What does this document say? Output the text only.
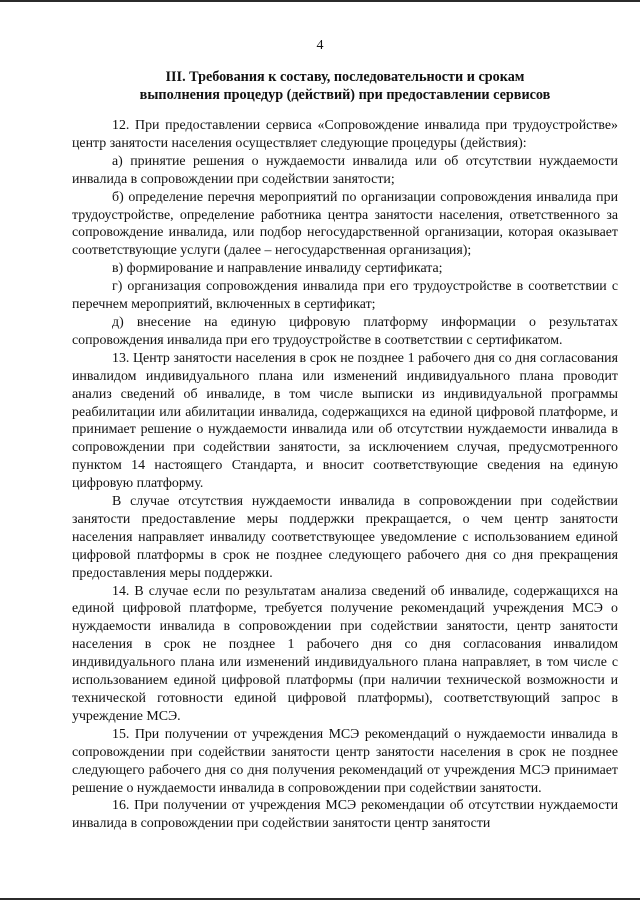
4
III. Требования к составу, последовательности и срокам
выполнения процедур (действий) при предоставлении сервисов

12. При предоставлении сервиса «Сопровождение инвалида при трудоустройстве» центр занятости населения осуществляет следующие процедуры (действия):

а) принятие решения о нуждаемости инвалида или об отсутствии нуждаемости инвалида в сопровождении при содействии занятости;

б) определение перечня мероприятий по организации сопровождения инвалида при трудоустройстве, определение работника центра занятости населения, ответственного за сопровождение инвалида, или подбор негосударственной организации, которая оказывает соответствующие услуги (далее – негосударственная организация);

в) формирование и направление инвалиду сертификата;

г) организация сопровождения инвалида при его трудоустройстве в соответствии с перечнем мероприятий, включенных в сертификат;

д) внесение на единую цифровую платформу информации о результатах сопровождения инвалида при его трудоустройстве в соответствии с сертификатом.

13. Центр занятости населения в срок не позднее 1 рабочего дня со дня согласования инвалидом индивидуального плана или изменений индивидуального плана проводит анализ сведений об инвалиде, в том числе выписки из индивидуальной программы реабилитации или абилитации инвалида, содержащихся на единой цифровой платформе, и принимает решение о нуждаемости инвалида или об отсутствии нуждаемости инвалида в сопровождении при содействии занятости, за исключением случая, предусмотренного пунктом 14 настоящего Стандарта, и вносит соответствующие сведения на единую цифровую платформу.

В случае отсутствия нуждаемости инвалида в сопровождении при содействии занятости предоставление меры поддержки прекращается, о чем центр занятости населения направляет инвалиду соответствующее уведомление с использованием единой цифровой платформы в срок не позднее следующего рабочего дня со дня прекращения предоставления меры поддержки.

14. В случае если по результатам анализа сведений об инвалиде, содержащихся на единой цифровой платформе, требуется получение рекомендаций учреждения МСЭ о нуждаемости инвалида в сопровождении при содействии занятости, центр занятости населения в срок не позднее 1 рабочего дня со дня согласования инвалидом индивидуального плана или изменений индивидуального плана направляет, в том числе с использованием единой цифровой платформы (при наличии технической возможности и технической готовности единой цифровой платформы), соответствующий запрос в учреждение МСЭ.

15. При получении от учреждения МСЭ рекомендаций о нуждаемости инвалида в сопровождении при содействии занятости центр занятости населения в срок не позднее следующего рабочего дня со дня получения рекомендаций от учреждения МСЭ принимает решение о нуждаемости инвалида в сопровождении при содействии занятости.

16. При получении от учреждения МСЭ рекомендации об отсутствии нуждаемости инвалида в сопровождении при содействии занятости центр занятости
